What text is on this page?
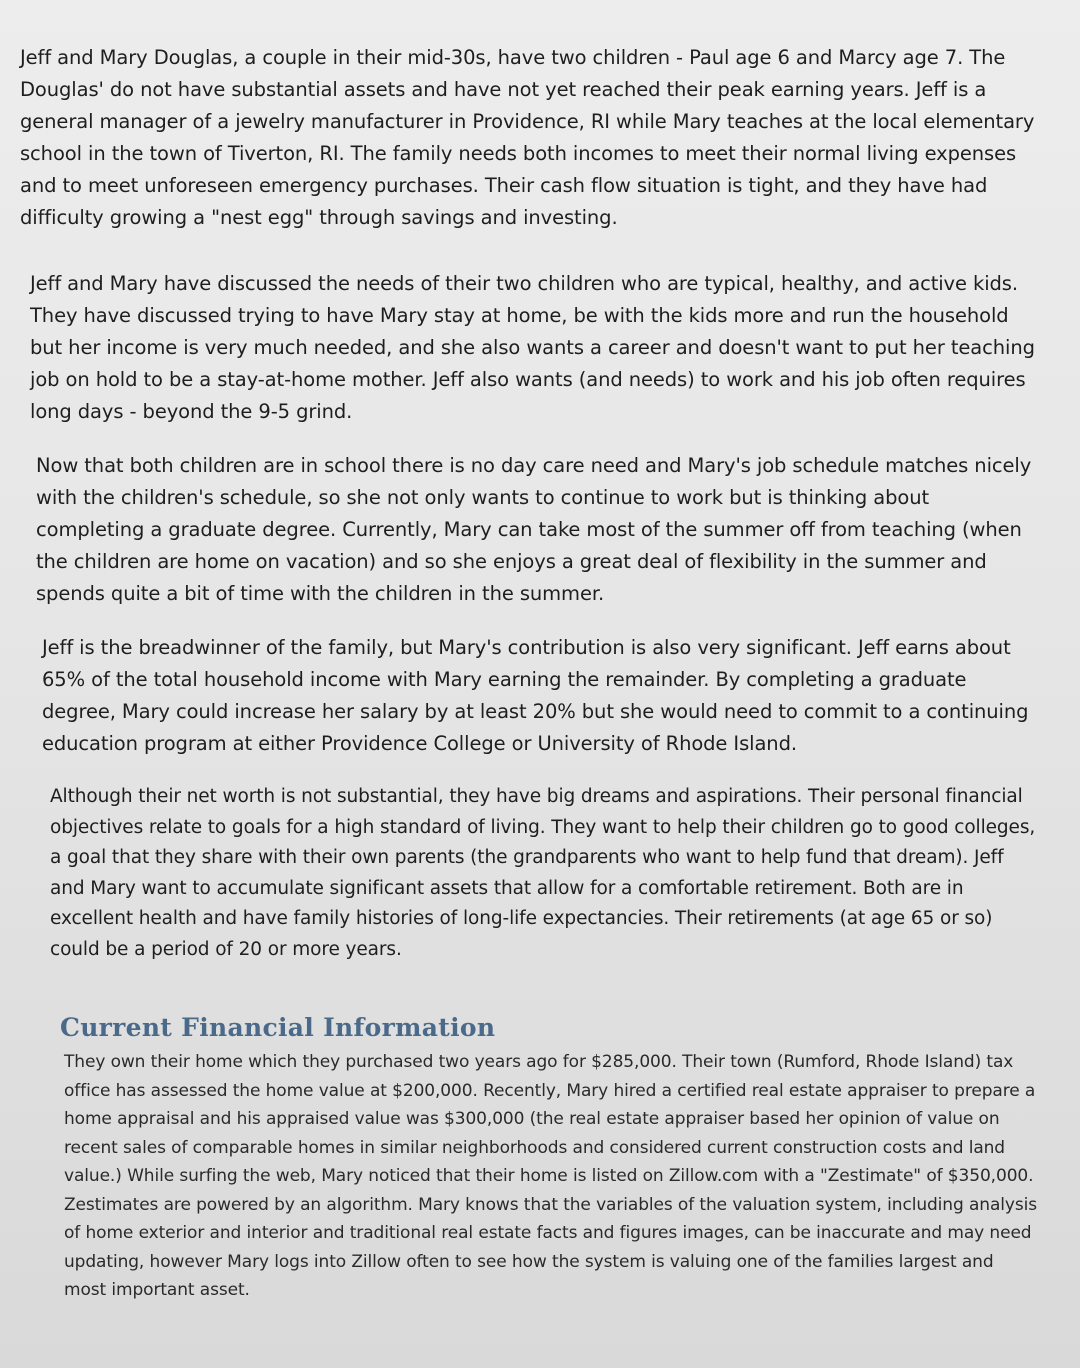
Jeff and Mary Douglas, a couple in their mid-30s, have two children - Paul age 6 and Marcy age 7. The Douglas' do not have substantial assets and have not yet reached their peak earning years. Jeff is a general manager of a jewelry manufacturer in Providence, RI while Mary teaches at the local elementary school in the town of Tiverton, RI. The family needs both incomes to meet their normal living expenses and to meet unforeseen emergency purchases. Their cash flow situation is tight, and they have had difficulty growing a "nest egg" through savings and investing.

Jeff and Mary have discussed the needs of their two children who are typical, healthy, and active kids. They have discussed trying to have Mary stay at home, be with the kids more and run the household but her income is very much needed, and she also wants a career and doesn't want to put her teaching job on hold to be a stay-at-home mother. Jeff also wants (and needs) to work and his job often requires long days - beyond the 9-5 grind.

Now that both children are in school there is no day care need and Mary's job schedule matches nicely with the children's schedule, so she not only wants to continue to work but is thinking about completing a graduate degree. Currently, Mary can take most of the summer off from teaching (when the children are home on vacation) and so she enjoys a great deal of flexibility in the summer and spends quite a bit of time with the children in the summer.

Jeff is the breadwinner of the family, but Mary's contribution is also very significant. Jeff earns about 65% of the total household income with Mary earning the remainder. By completing a graduate degree, Mary could increase her salary by at least 20% but she would need to commit to a continuing education program at either Providence College or University of Rhode Island.

Although their net worth is not substantial, they have big dreams and aspirations. Their personal financial objectives relate to goals for a high standard of living. They want to help their children go to good colleges, a goal that they share with their own parents (the grandparents who want to help fund that dream). Jeff and Mary want to accumulate significant assets that allow for a comfortable retirement. Both are in excellent health and have family histories of long-life expectancies. Their retirements (at age 65 or so) could be a period of 20 or more years.

Current Financial Information

They own their home which they purchased two years ago for $285,000. Their town (Rumford, Rhode Island) tax office has assessed the home value at $200,000. Recently, Mary hired a certified real estate appraiser to prepare a home appraisal and his appraised value was $300,000 (the real estate appraiser based her opinion of value on recent sales of comparable homes in similar neighborhoods and considered current construction costs and land value.) While surfing the web, Mary noticed that their home is listed on Zillow.com with a "Zestimate" of $350,000. Zestimates are powered by an algorithm. Mary knows that the variables of the valuation system, including analysis of home exterior and interior and traditional real estate facts and figures images, can be inaccurate and may need updating, however Mary logs into Zillow often to see how the system is valuing one of the families largest and most important asset.
